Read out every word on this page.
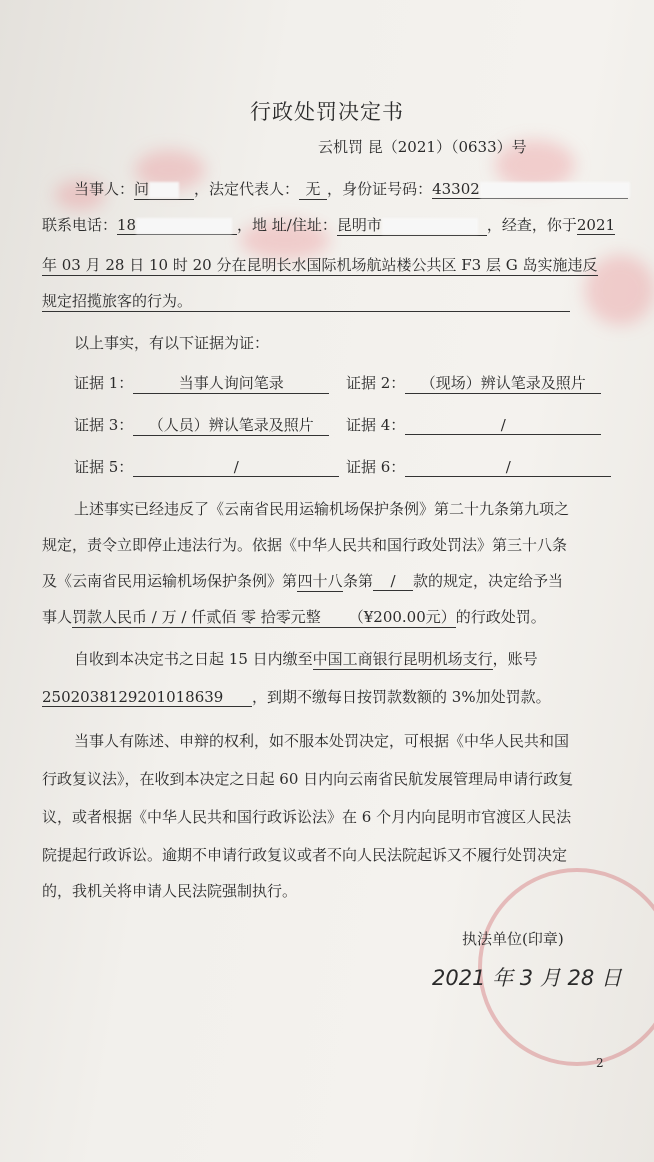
行政处罚决定书
云机罚 昆（2021）（0633）号
当事人：问	，法定代表人： 无 ，身份证号码：43302
联系电话：18	，地 址/住址：昆明市	，经查，你于2021
年 03 月 28 日 10 时 20 分在昆明长水国际机场航站楼公共区 F3 层 G 岛实施违反
规定招揽旅客的行为。
以上事实，有以下证据为证：
证据 1：	当事人询问笔录	证据 2： （现场）辨认笔录及照片
证据 3： （人员）辨认笔录及照片	证据 4：	/
证据 5：	/	证据 6：	/
上述事实已经违反了《云南省民用运输机场保护条例》第二十九条第九项之
规定，责令立即停止违法行为。依据《中华人民共和国行政处罚法》第三十八条
及《云南省民用运输机场保护条例》第四十八条第 / 款的规定，决定给予当
事人罚款人民币 / 万 / 仟贰佰 零 拾零元整 （¥200.00元）的行政处罚。
自收到本决定书之日起 15 日内缴至中国工商银行昆明机场支行，账号
2502038129201018639 ，到期不缴每日按罚款数额的 3%加处罚款。
当事人有陈述、申辩的权利，如不服本处罚决定，可根据《中华人民共和国
行政复议法》，在收到本决定之日起 60 日内向云南省民航发展管理局申请行政复
议，或者根据《中华人民共和国行政诉讼法》在 6 个月内向昆明市官渡区人民法
院提起行政诉讼。逾期不申请行政复议或者不向人民法院起诉又不履行处罚决定
的，我机关将申请人民法院强制执行。
执法单位(印章)
2021 年 3 月 28 日
2
